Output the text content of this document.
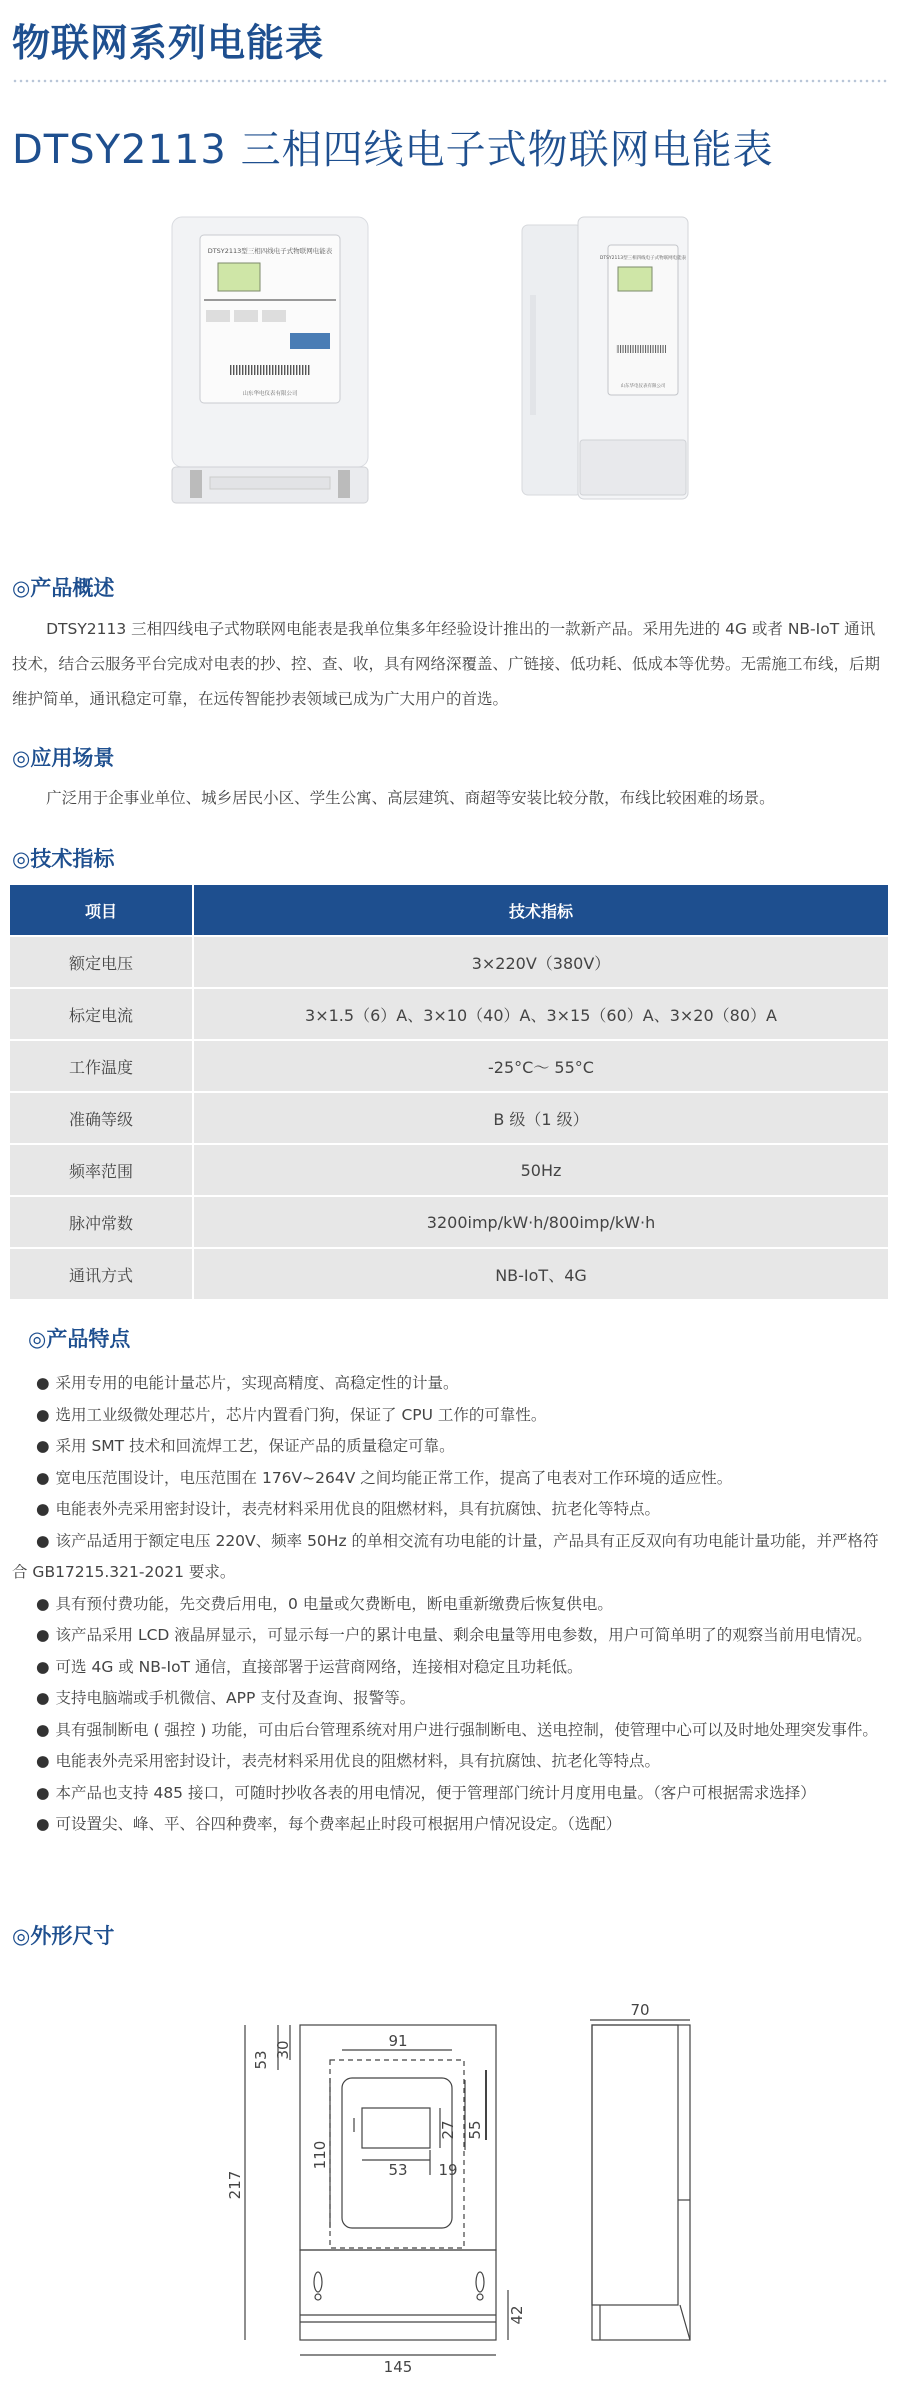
物联网系列电能表
DTSY2113 三相四线电子式物联网电能表
DTSY2113型三相四线电子式物联网电能表
山东华电仪表有限公司
DTSY2113型三相四线电子式物联网电能表
山东华电仪表有限公司
◎产品概述
DTSY2113 三相四线电子式物联网电能表是我单位集多年经验设计推出的一款新产品。采用先进的 4G 或者 NB-IoT 通讯技术，结合云服务平台完成对电表的抄、控、查、收，具有网络深覆盖、广链接、低功耗、低成本等优势。无需施工布线，后期维护简单，通讯稳定可靠，在远传智能抄表领域已成为广大用户的首选。
◎应用场景
广泛用于企事业单位、城乡居民小区、学生公寓、高层建筑、商超等安装比较分散，布线比较困难的场景。
◎技术指标
项目	技术指标
额定电压	3×220V（380V）
标定电流	3×1.5（6）A、3×10（40）A、3×15（60）A、3×20（80）A
工作温度	-25°C～ 55°C
准确等级	B 级（1 级）
频率范围	50Hz
脉冲常数	3200imp/kW·h/800imp/kW·h
通讯方式	NB-IoT、4G
◎产品特点
● 采用专用的电能计量芯片，实现高精度、高稳定性的计量。
● 选用工业级微处理芯片，芯片内置看门狗，保证了 CPU 工作的可靠性。
● 采用 SMT 技术和回流焊工艺，保证产品的质量稳定可靠。
● 宽电压范围设计，电压范围在 176V~264V 之间均能正常工作，提高了电表对工作环境的适应性。
● 电能表外壳采用密封设计，表壳材料采用优良的阻燃材料，具有抗腐蚀、抗老化等特点。
● 该产品适用于额定电压 220V、频率 50Hz 的单相交流有功电能的计量，产品具有正反双向有功电能计量功能，并严格符合 GB17215.321-2021 要求。
● 具有预付费功能，先交费后用电，0 电量或欠费断电，断电重新缴费后恢复供电。
● 该产品采用 LCD 液晶屏显示，可显示每一户的累计电量、剩余电量等用电参数，用户可简单明了的观察当前用电情况。
● 可选 4G 或 NB-IoT 通信，直接部署于运营商网络，连接相对稳定且功耗低。
● 支持电脑端或手机微信、APP 支付及查询、报警等。
● 具有强制断电 ( 强控 ) 功能，可由后台管理系统对用户进行强制断电、送电控制，使管理中心可以及时地处理突发事件。
● 电能表外壳采用密封设计，表壳材料采用优良的阻燃材料，具有抗腐蚀、抗老化等特点。
● 本产品也支持 485 接口，可随时抄收各表的用电情况，便于管理部门统计月度用电量。（客户可根据需求选择）
● 可设置尖、峰、平、谷四种费率，每个费率起止时段可根据用户情况设定。（选配）
◎外形尺寸
91
30
53
27 55
110
53 19
217
145
42
70
